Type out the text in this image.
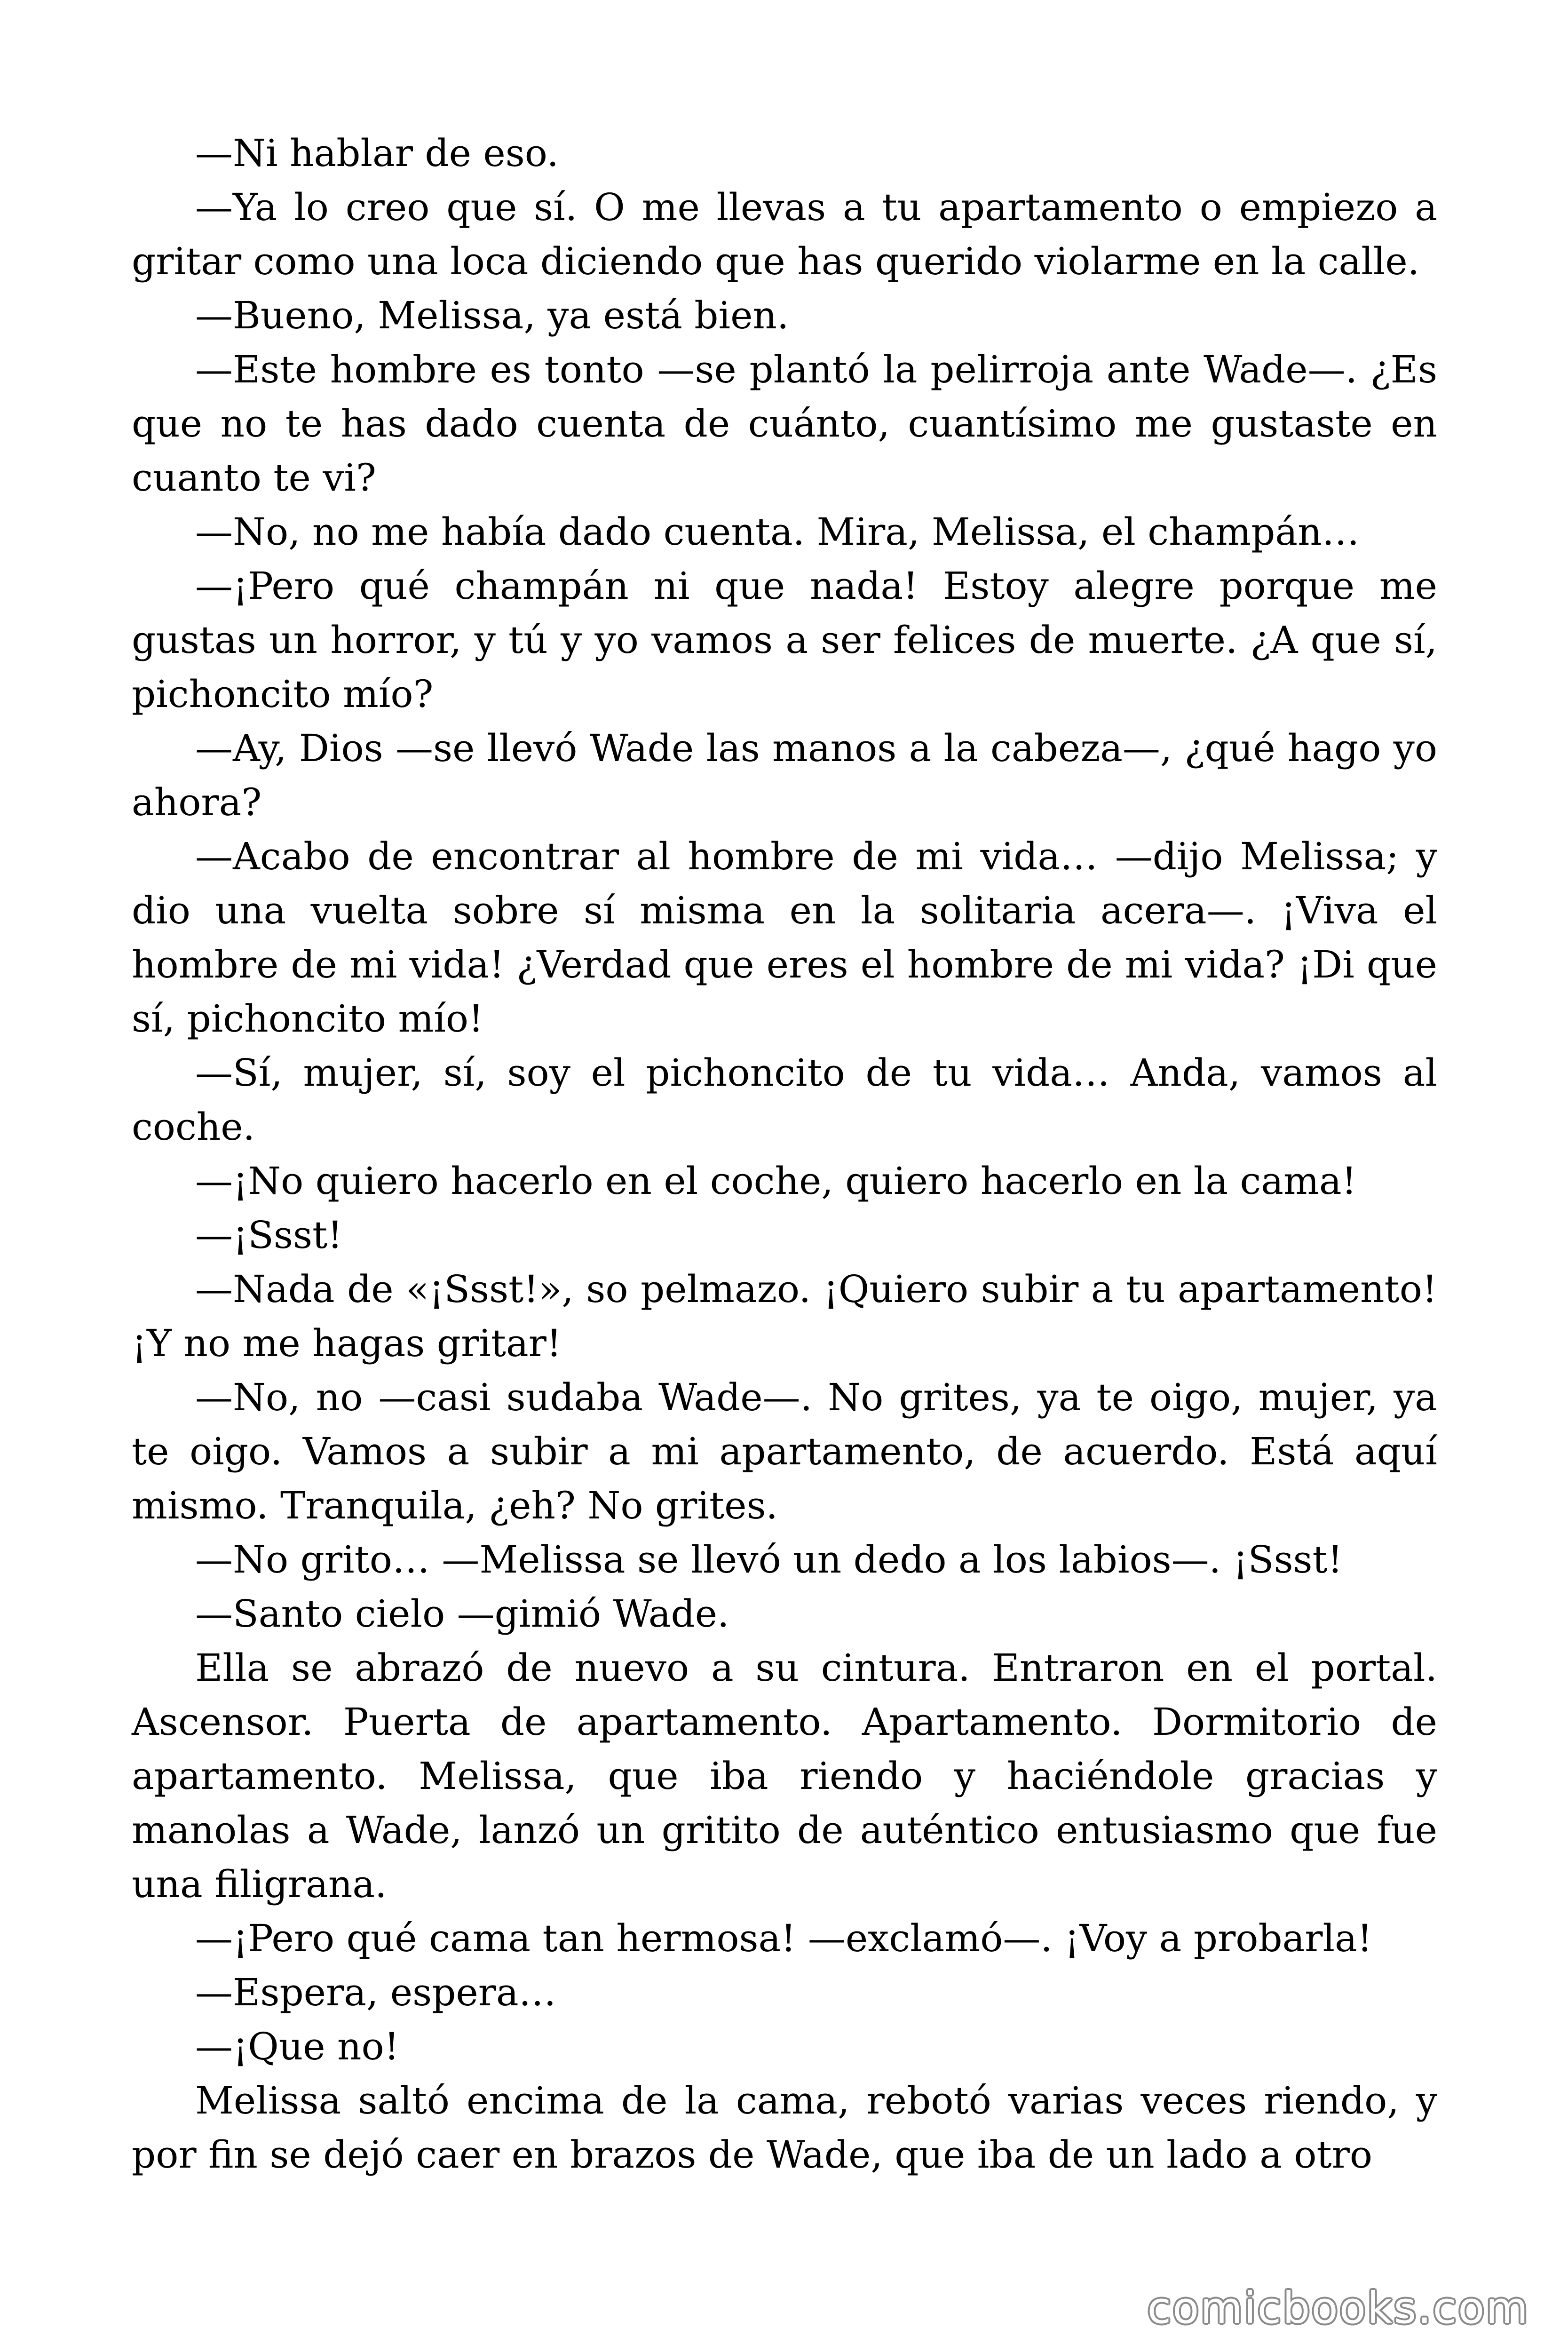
—Ni hablar de eso.

—Ya lo creo que sí. O me llevas a tu apartamento o empiezo a gritar como una loca diciendo que has querido violarme en la calle.

—Bueno, Melissa, ya está bien.

—Este hombre es tonto —se plantó la pelirroja ante Wade—. ¿Es que no te has dado cuenta de cuánto, cuantísimo me gustaste en cuanto te vi?

—No, no me había dado cuenta. Mira, Melissa, el champán…

—¡Pero qué champán ni que nada! Estoy alegre porque me gustas un horror, y tú y yo vamos a ser felices de muerte. ¿A que sí, pichoncito mío?

—Ay, Dios —se llevó Wade las manos a la cabeza—, ¿qué hago yo ahora?

—Acabo de encontrar al hombre de mi vida… —dijo Melissa; y dio una vuelta sobre sí misma en la solitaria acera—. ¡Viva el hombre de mi vida! ¿Verdad que eres el hombre de mi vida? ¡Di que sí, pichoncito mío!

—Sí, mujer, sí, soy el pichoncito de tu vida… Anda, vamos al coche.

—¡No quiero hacerlo en el coche, quiero hacerlo en la cama!

—¡Ssst!

—Nada de «¡Ssst!», so pelmazo. ¡Quiero subir a tu apartamento! ¡Y no me hagas gritar!

—No, no —casi sudaba Wade—. No grites, ya te oigo, mujer, ya te oigo. Vamos a subir a mi apartamento, de acuerdo. Está aquí mismo. Tranquila, ¿eh? No grites.

—No grito… —Melissa se llevó un dedo a los labios—. ¡Ssst!

—Santo cielo —gimió Wade.

Ella se abrazó de nuevo a su cintura. Entraron en el portal. Ascensor. Puerta de apartamento. Apartamento. Dormitorio de apartamento. Melissa, que iba riendo y haciéndole gracias y manolas a Wade, lanzó un gritito de auténtico entusiasmo que fue una filigrana.

—¡Pero qué cama tan hermosa! —exclamó—. ¡Voy a probarla!

—Espera, espera…

—¡Que no!

Melissa saltó encima de la cama, rebotó varias veces riendo, y por fin se dejó caer en brazos de Wade, que iba de un lado a otro

comicbooks.com
